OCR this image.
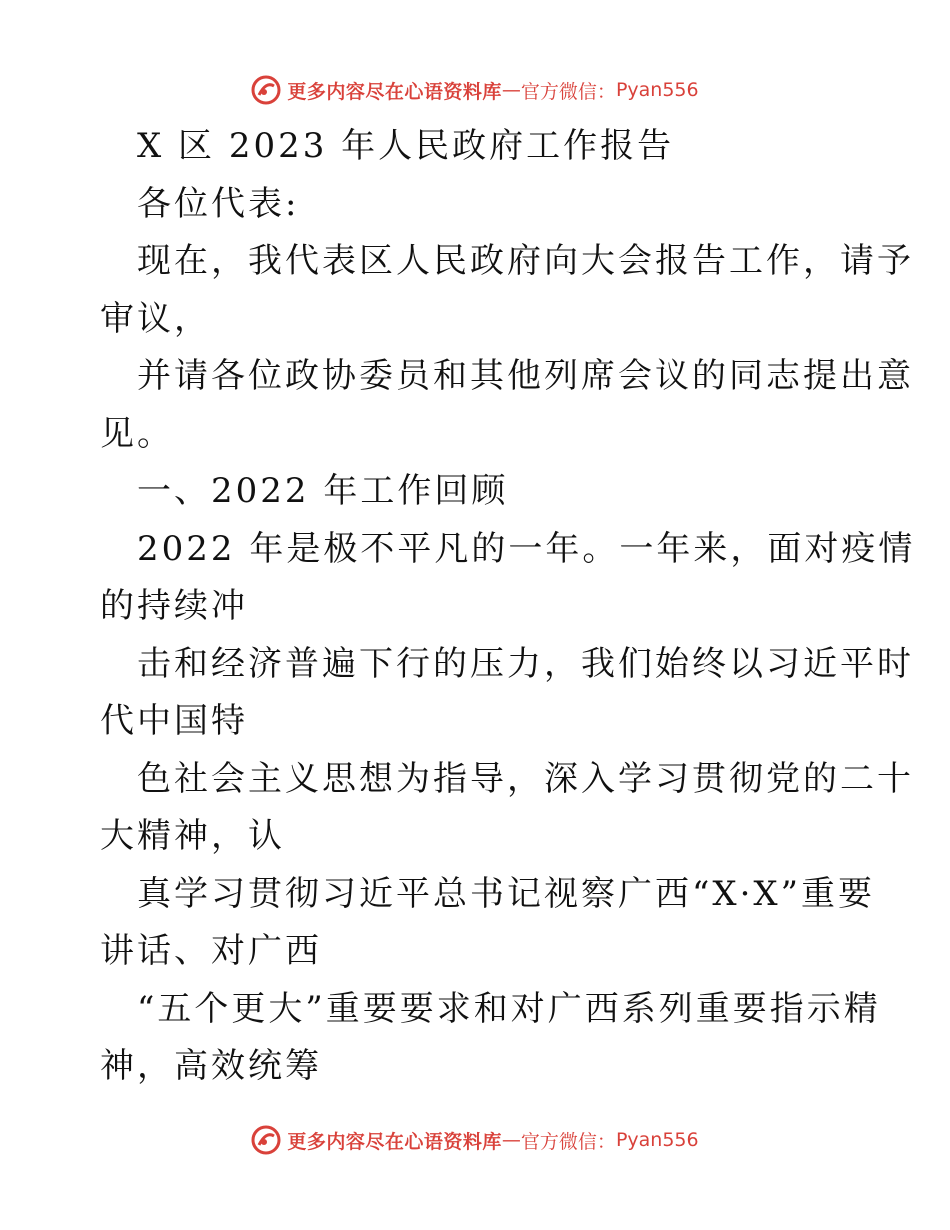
更多内容尽在心语资料库 — 官方微信： Pyan556
X 区 2023 年人民政府工作报告
各位代表:
现在，我代表区人民政府向大会报告工作，请予
审议，
并请各位政协委员和其他列席会议的同志提出意
见。
一、2022 年工作回顾
2022 年是极不平凡的一年。一年来，面对疫情
的持续冲
击和经济普遍下行的压力，我们始终以习近平时
代中国特
色社会主义思想为指导，深入学习贯彻党的二十
大精神，认
真学习贯彻习近平总书记视察广西“X·X”重要
讲话、对广西
“五个更大”重要要求和对广西系列重要指示精
神，高效统筹
更多内容尽在心语资料库 — 官方微信： Pyan556
